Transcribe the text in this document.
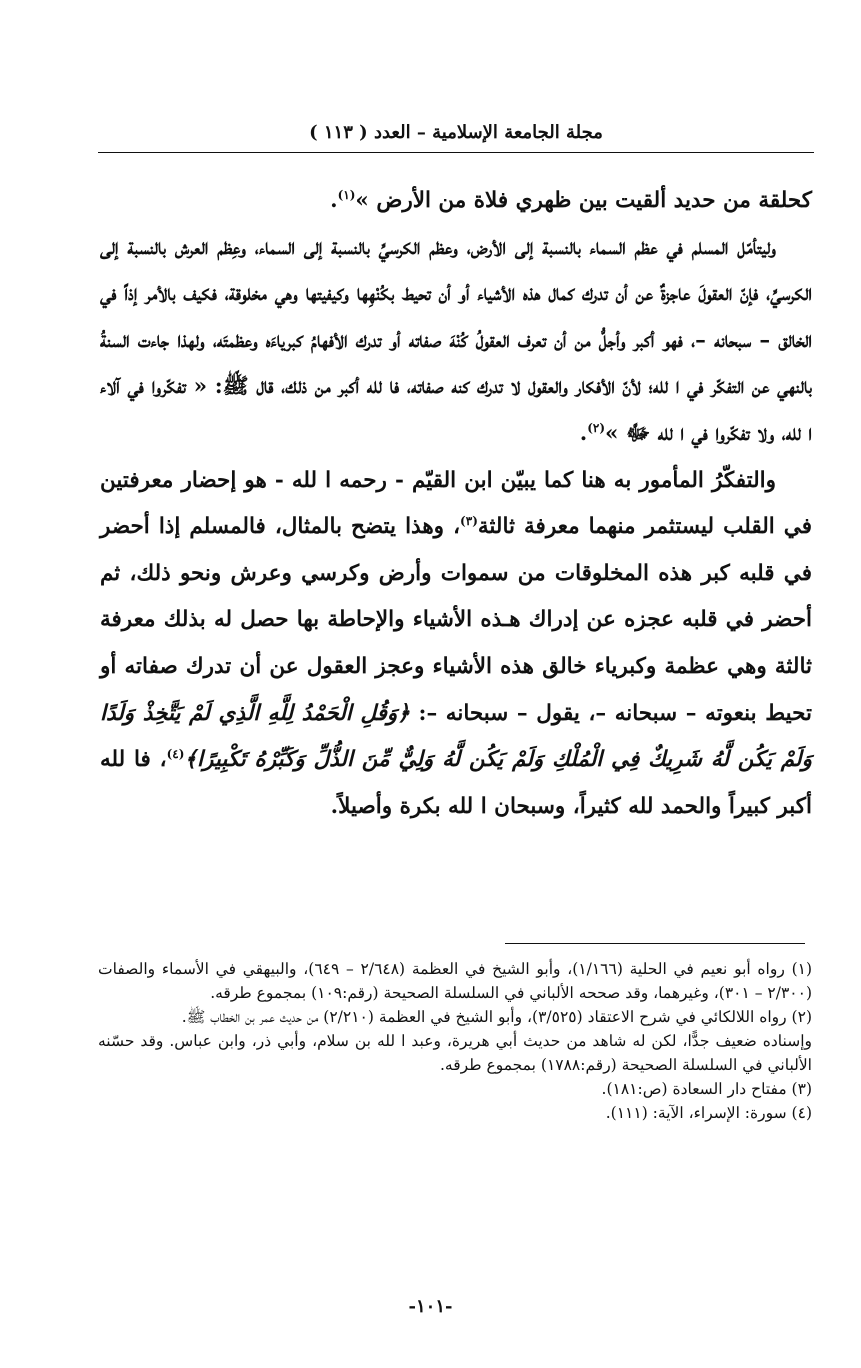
مجلة الجامعة الإسلامية – العدد ( ١١٣ )

كحلقة من حديد ألقيت بين ظهري فلاة من الأرض »$^{(١)}$.

وليتأمّل المسلم في عظم السماء بالنسبة إلى الأرض، وعظم الكرسيِّ بالنسبة إلى السماء، وعِظم العرش بالنسبة إلى الكرسيِّ، فإنّ العقولَ عاجزةٌ عن أن تدرك كمال هذه الأشياء أو أن تحيط بكُنْهِها وكيفيتها وهي مخلوقة، فكيف بالأمر إذاً في الخالق – سبحانه –، فهو أكبر وأجلُّ من أن تعرف العقولُ كُنْهَ صفاته أو تدرك الأفهامُ كبرياءَه وعظمتَه، ولهذا جاءت السنةُ بالنهي عن التفكّر في ا لله؛ لأنّ الأفكار والعقول لا تدرك كنه صفاته، فا لله أكبر من ذلك، قال ﷺ: « تفكّروا في آلاء ا لله، ولا تفكّروا في ا لله ﷻ »$^{(٢)}$.

والتفكّرُ المأمور به هنا كما يبيّن ابن القيّم - رحمه ا لله - هو إحضار معرفتين في القلب ليستثمر منهما معرفة ثالثة$^{(٣)}$، وهذا يتضح بالمثال، فالمسلم إذا أحضر في قلبه كبر هذه المخلوقات من سموات وأرض وكرسي وعرش ونحو ذلك، ثم أحضر في قلبه عجزه عن إدراك هـذه الأشياء والإحاطة بها حصل له بذلك معرفة ثالثة وهي عظمة وكبرياء خالق هذه الأشياء وعجز العقول عن أن تدرك صفاته أو تحيط بنعوته – سبحانه –، يقول – سبحانه –: ﴿وَقُلِ الْحَمْدُ لِلَّهِ الَّذِي لَمْ يَتَّخِذْ وَلَدًا وَلَمْ يَكُن لَّهُ شَرِيكٌ فِي الْمُلْكِ وَلَمْ يَكُن لَّهُ وَلِيٌّ مِّنَ الذُّلِّ وَكَبِّرْهُ تَكْبِيرًا﴾$^{(٤)}$، فا لله أكبر كبيراً والحمد لله كثيراً، وسبحان ا لله بكرة وأصيلاً.

(١) رواه أبو نعيم في الحلية (١/١٦٦)، وأبو الشيخ في العظمة (٢/٦٤٨ – ٦٤٩)، والبيهقي في الأسماء والصفات (٢/٣٠٠ – ٣٠١)، وغيرهما، وقد صححه الألباني في السلسلة الصحيحة (رقم:١٠٩) بمجموع طرقه.
(٢) رواه اللالكائي في شرح الاعتقاد (٣/٥٢٥)، وأبو الشيخ في العظمة (٢/٢١٠) من حديث عمر بن الخطاب ﷺ.
وإسناده ضعيف جدًّا، لكن له شاهد من حديث أبي هريرة، وعبد ا لله بن سلام، وأبي ذر، وابن عباس. وقد حسّنه الألباني في السلسلة الصحيحة (رقم:١٧٨٨) بمجموع طرقه.
(٣) مفتاح دار السعادة (ص:١٨١).
(٤) سورة: الإسراء، الآية: (١١١).
-١٠١-
